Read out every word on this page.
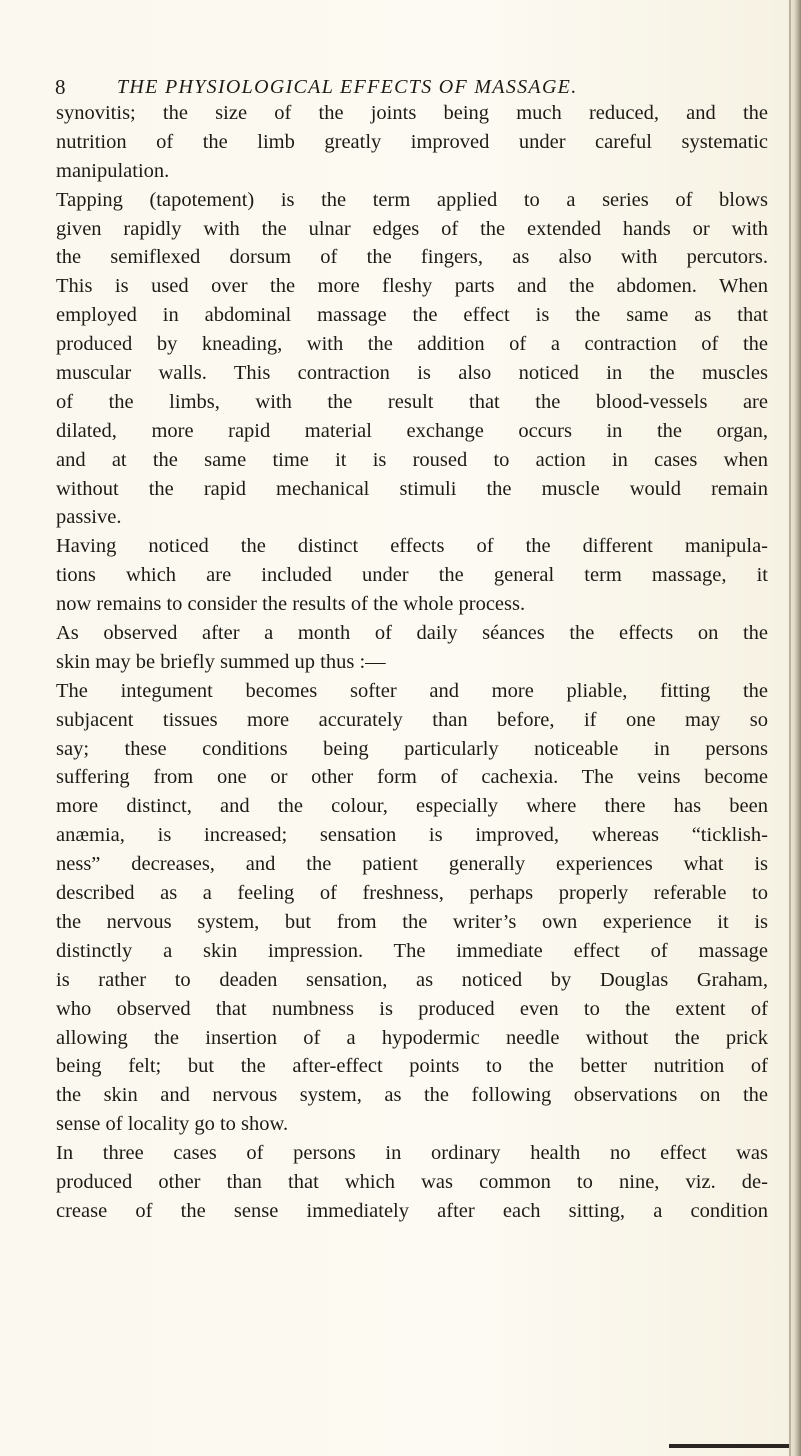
8	THE PHYSIOLOGICAL EFFECTS OF MASSAGE.
synovitis; the size of the joints being much reduced, and the
nutrition of the limb greatly improved under careful systematic
manipulation.
Tapping (tapotement) is the term applied to a series of blows
given rapidly with the ulnar edges of the extended hands or with
the semiflexed dorsum of the fingers, as also with percutors.
This is used over the more fleshy parts and the abdomen. When
employed in abdominal massage the effect is the same as that
produced by kneading, with the addition of a contraction of the
muscular walls. This contraction is also noticed in the muscles
of the limbs, with the result that the blood-vessels are
dilated, more rapid material exchange occurs in the organ,
and at the same time it is roused to action in cases when
without the rapid mechanical stimuli the muscle would remain
passive.
Having noticed the distinct effects of the different manipula-
tions which are included under the general term massage, it
now remains to consider the results of the whole process.
As observed after a month of daily séances the effects on the
skin may be briefly summed up thus :—
The integument becomes softer and more pliable, fitting the
subjacent tissues more accurately than before, if one may so
say; these conditions being particularly noticeable in persons
suffering from one or other form of cachexia. The veins become
more distinct, and the colour, especially where there has been
anæmia, is increased; sensation is improved, whereas “ticklish-
ness” decreases, and the patient generally experiences what is
described as a feeling of freshness, perhaps properly referable to
the nervous system, but from the writer’s own experience it is
distinctly a skin impression. The immediate effect of massage
is rather to deaden sensation, as noticed by Douglas Graham,
who observed that numbness is produced even to the extent of
allowing the insertion of a hypodermic needle without the prick
being felt; but the after-effect points to the better nutrition of
the skin and nervous system, as the following observations on the
sense of locality go to show.
In three cases of persons in ordinary health no effect was
produced other than that which was common to nine, viz. de-
crease of the sense immediately after each sitting, a condition
